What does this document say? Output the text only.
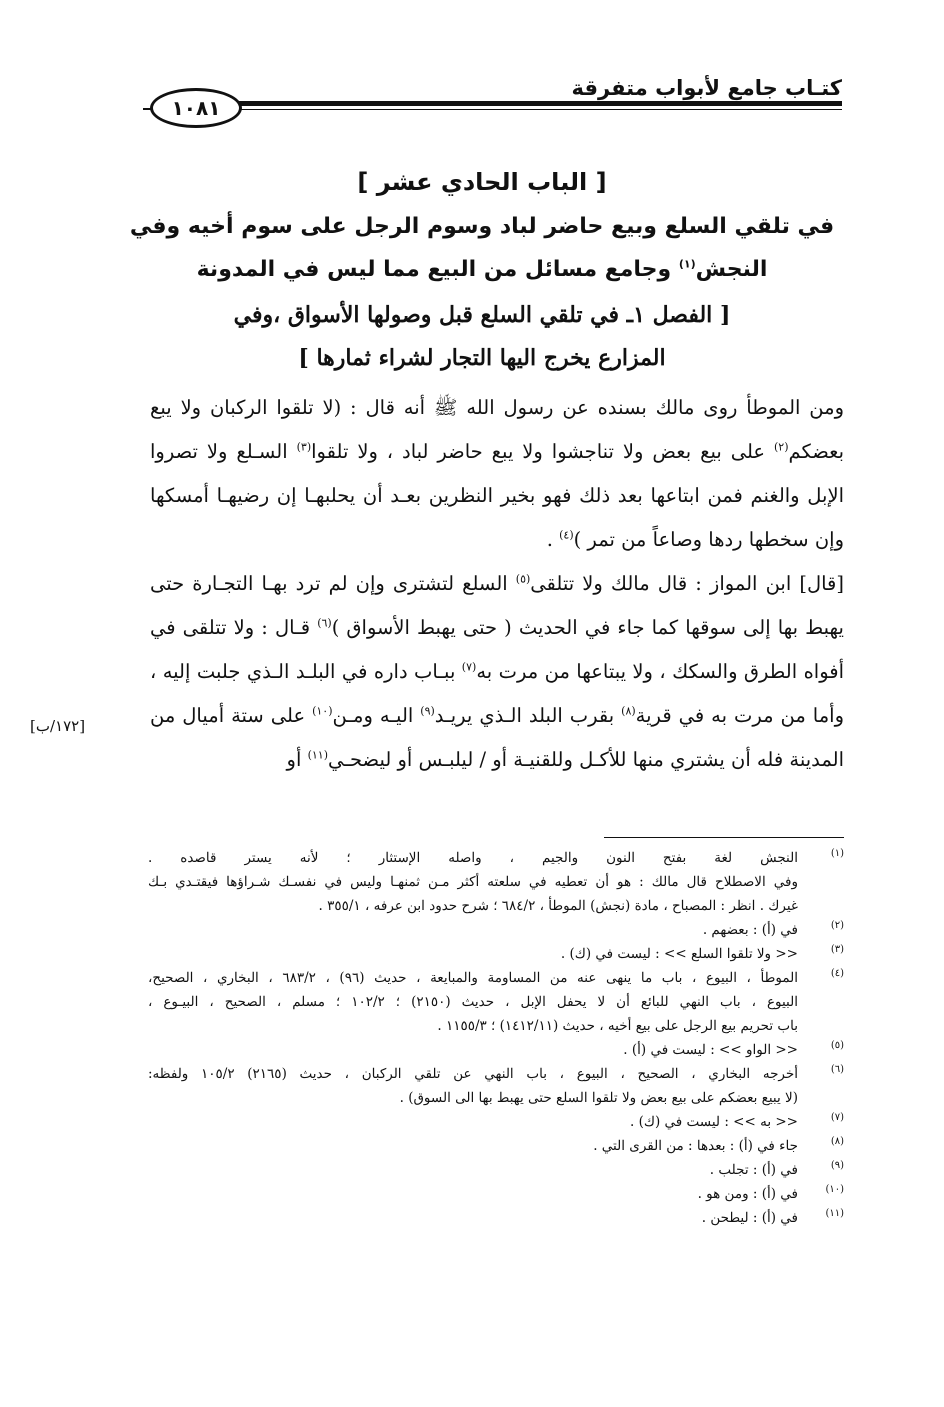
كتـاب جامع لأبواب متفرقة
١٠٨١
[ الباب الحادي عشر ]
في تلقي السلع وبيع حاضر لباد وسوم الرجل على سوم أخيه وفي
النجش$^{(١)}$ وجامع مسائل من البيع مما ليس في المدونة
[ الفصل ١ـ في تلقي السلع قبل وصولها الأسواق ،وفي
المزارع يخرج اليها التجار لشراء ثمارها ]

ومن الموطأ روى مالك بسنده عن رسول الله ﷺ أنه قال : (لا تلقوا الركبان ولا يبع بعضكم$^{(٢)}$ على بيع بعض ولا تناجشوا ولا يبع حاضر لباد ، ولا تلقوا$^{(٣)}$ السـلع ولا تصروا الإبل والغنم فمن ابتاعها بعد ذلك فهو بخير النظرين بعـد أن يحلبهـا إن رضيهـا أمسكها وإن سخطها ردها وصاعاً من تمر )$^{(٤)}$ .

[قال] ابن المواز : قال مالك ولا تتلقى$^{(٥)}$ السلع لتشترى وإن لم ترد بهـا التجـارة حتى يهبط بها إلى سوقها كما جاء في الحديث ( حتى يهبط الأسواق )$^{(٦)}$ قـال : ولا تتلقى في أفواه الطرق والسكك ، ولا يبتاعها من مرت به$^{(٧)}$ ببـاب داره في البلـد الـذي جلبت إليه ، وأما من مرت به في قرية$^{(٨)}$ بقرب البلد الـذي يريـد$^{(٩)}$ اليـه ومـن$^{(١٠)}$ على ستة أميال من المدينة فله أن يشتري منها للأكـل وللقنيـة أو / ليلبـس أو ليضحـي$^{(١١)}$ أو

[١٧٢/ب]
(١)
النجش لغة بفتح النون والجيم ، واصله الإستثار ؛ لأنه يستر قاصده .
وفي الاصطلاح قال مالك : هو أن تعطيه في سلعته أكثر مـن ثمنهـا وليس في نفسـك شـراؤها فيقتـدي بـك
غيرك . انظر : المصباح ، مادة (نجش) الموطأ ، ٦٨٤/٢ ؛ شرح حدود ابن عرفه ، ٣٥٥/١ .
(٢)
في (أ) : بعضهم .
(٣)
<< ولا تلقوا السلع >> : ليست في (ك) .
(٤)
الموطأ ، البيوع ، باب ما ينهى عنه من المساومة والمبايعة ، حديث (٩٦) ، ٦٨٣/٢ ، البخاري ، الصحيح،
البيوع ، باب النهي للبائع أن لا يحفل الإبل ، حديث (٢١٥٠) ؛ ١٠٢/٢ ؛ مسلم ، الصحيح ، البيـوع ،
باب تحريم بيع الرجل على بيع أخيه ، حديث (١٤١٢/١١) ؛ ١١٥٥/٣ .
(٥)
<< الواو >> : ليست في (أ) .
(٦)
أخرجه البخاري ، الصحيح ، البيوع ، باب النهي عن تلقي الركبان ، حديث (٢١٦٥) ١٠٥/٢ ولفظه:
(لا يبيع بعضكم على بيع بعض ولا تلقوا السلع حتى يهبط بها الى السوق) .
(٧)
<< به >> : ليست في (ك) .
(٨)
جاء في (أ) : بعدها : من القرى التي .
(٩)
في (أ) : تجلب .
(١٠)
في (أ) : ومن هو .
(١١)
في (أ) : ليطحن .
